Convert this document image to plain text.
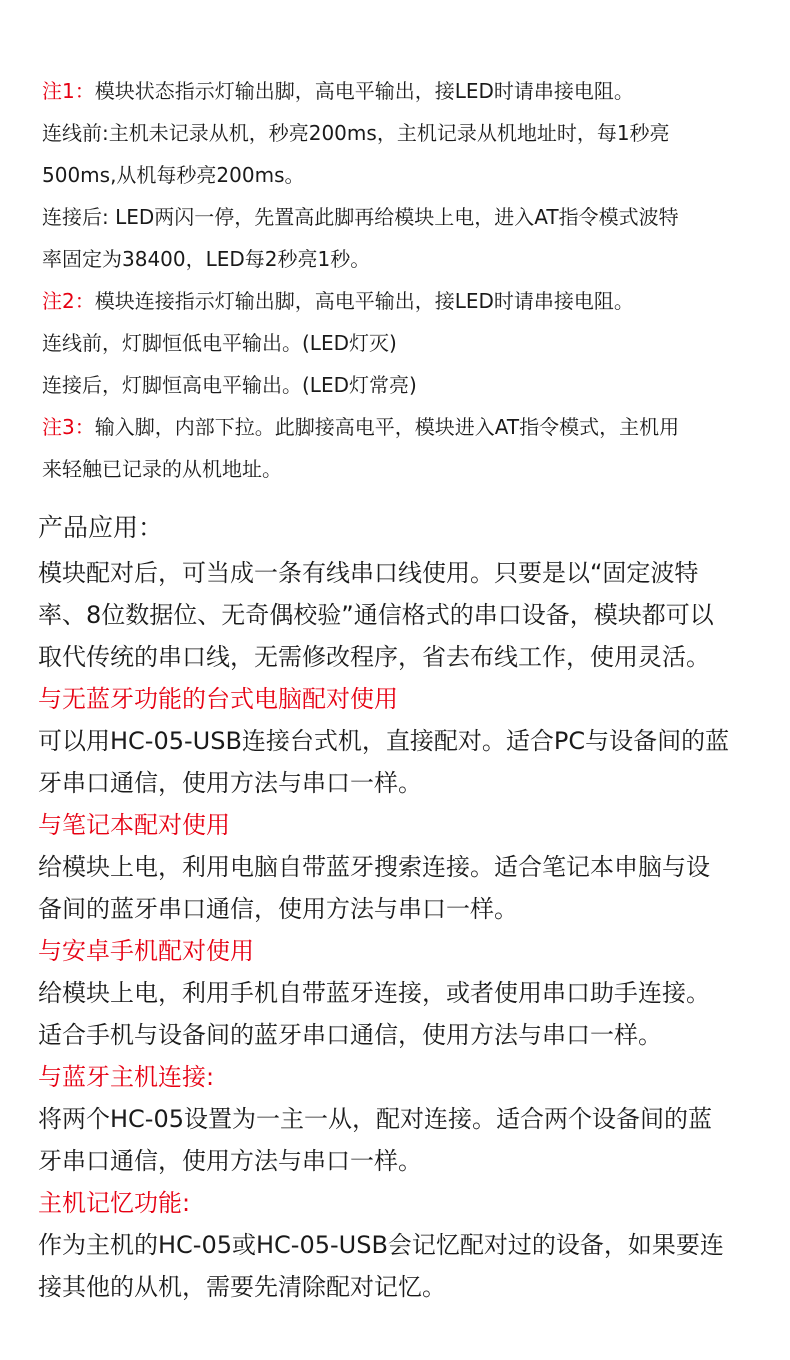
注1：模块状态指示灯输出脚，高电平输出，接LED时请串接电阻。
连线前:主机未记录从机，秒亮200ms，主机记录从机地址时，每1秒亮
500ms,从机每秒亮200ms。
连接后: LED两闪一停，先置高此脚再给模块上电，进入AT指令模式波特
率固定为38400，LED每2秒亮1秒。
注2：模块连接指示灯输出脚，高电平输出，接LED时请串接电阻。
连线前，灯脚恒低电平输出。(LED灯灭)
连接后，灯脚恒高电平输出。(LED灯常亮)
注3：输入脚，内部下拉。此脚接高电平，模块进入AT指令模式，主机用
来轻触已记录的从机地址。
产品应用：
模块配对后，可当成一条有线串口线使用。只要是以“固定波特
率、8位数据位、无奇偶校验”通信格式的串口设备，模块都可以
取代传统的串口线，无需修改程序，省去布线工作，使用灵活。
与无蓝牙功能的台式电脑配对使用
可以用HC-05-USB连接台式机，直接配对。适合PC与设备间的蓝
牙串口通信，使用方法与串口一样。
与笔记本配对使用
给模块上电，利用电脑自带蓝牙搜索连接。适合笔记本申脑与设
备间的蓝牙串口通信，使用方法与串口一样。
与安卓手机配对使用
给模块上电，利用手机自带蓝牙连接，或者使用串口助手连接。
适合手机与设备间的蓝牙串口通信，使用方法与串口一样。
与蓝牙主机连接:
将两个HC-05设置为一主一从，配对连接。适合两个设备间的蓝
牙串口通信，使用方法与串口一样。
主机记忆功能:
作为主机的HC-05或HC-05-USB会记忆配对过的设备，如果要连
接其他的从机，需要先清除配对记忆。
